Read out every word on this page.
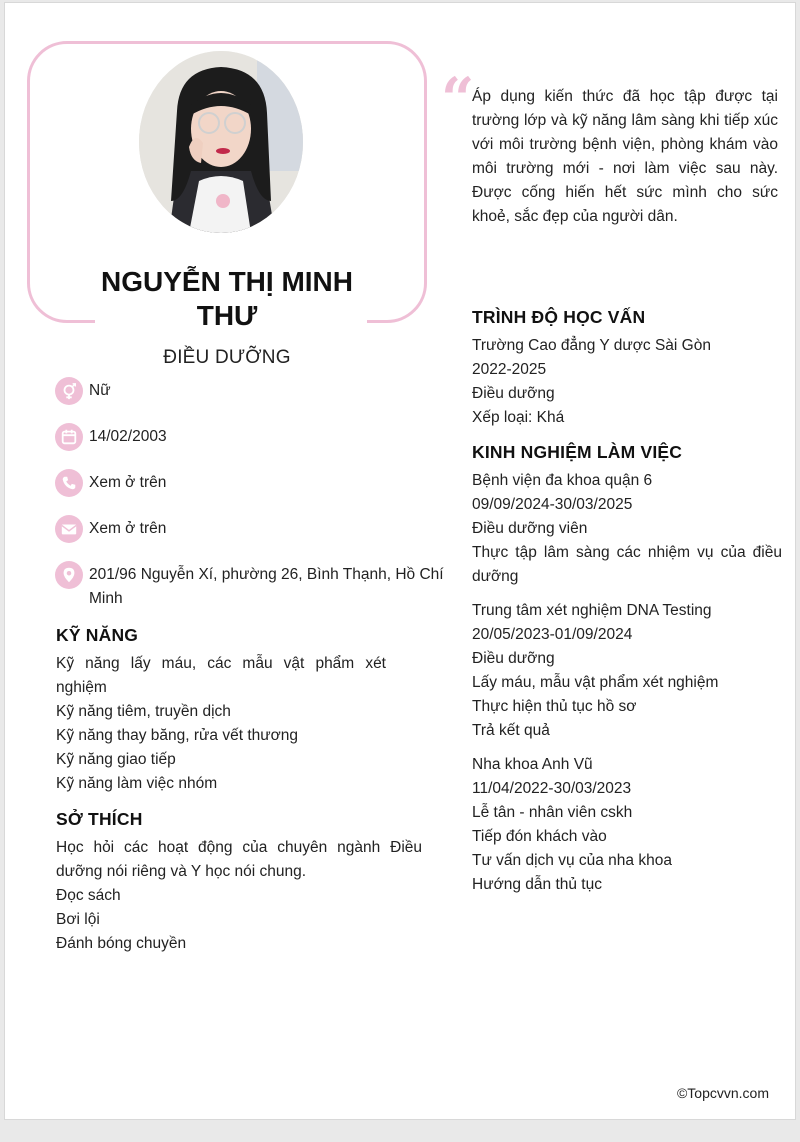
NGUYỄN THỊ MINH THƯ
ĐIỀU DƯỠNG
Nữ
14/02/2003
Xem ở trên
Xem ở trên
201/96 Nguyễn Xí, phường 26, Bình Thạnh, Hồ Chí Minh
KỸ NĂNG
Kỹ năng lấy máu, các mẫu vật phẩm xét nghiệm
Kỹ năng tiêm, truyền dịch
Kỹ năng thay băng, rửa vết thương
Kỹ năng giao tiếp
Kỹ năng làm việc nhóm
SỞ THÍCH
Học hỏi các hoạt động của chuyên ngành Điều dưỡng nói riêng và Y học nói chung.
Đọc sách
Bơi lội
Đánh bóng chuyền
“
Áp dụng kiến thức đã học tập được tại trường lớp và kỹ năng lâm sàng khi tiếp xúc với môi trường bệnh viện, phòng khám vào môi trường mới - nơi làm việc sau này. Được cống hiến hết sức mình cho sức khoẻ, sắc đẹp của người dân.
TRÌNH ĐỘ HỌC VẤN
Trường Cao đẳng Y dược Sài Gòn
2022-2025
Điều dưỡng
Xếp loại: Khá
KINH NGHIỆM LÀM VIỆC
Bệnh viện đa khoa quận 6
09/09/2024-30/03/2025
Điều dưỡng viên
Thực tập lâm sàng các nhiệm vụ của điều dưỡng
Trung tâm xét nghiệm DNA Testing
20/05/2023-01/09/2024
Điều dưỡng
Lấy máu, mẫu vật phẩm xét nghiệm
Thực hiện thủ tục hồ sơ
Trả kết quả
Nha khoa Anh Vũ
11/04/2022-30/03/2023
Lễ tân - nhân viên cskh
Tiếp đón khách vào
Tư vấn dịch vụ của nha khoa
Hướng dẫn thủ tục
©Topcvvn.com
